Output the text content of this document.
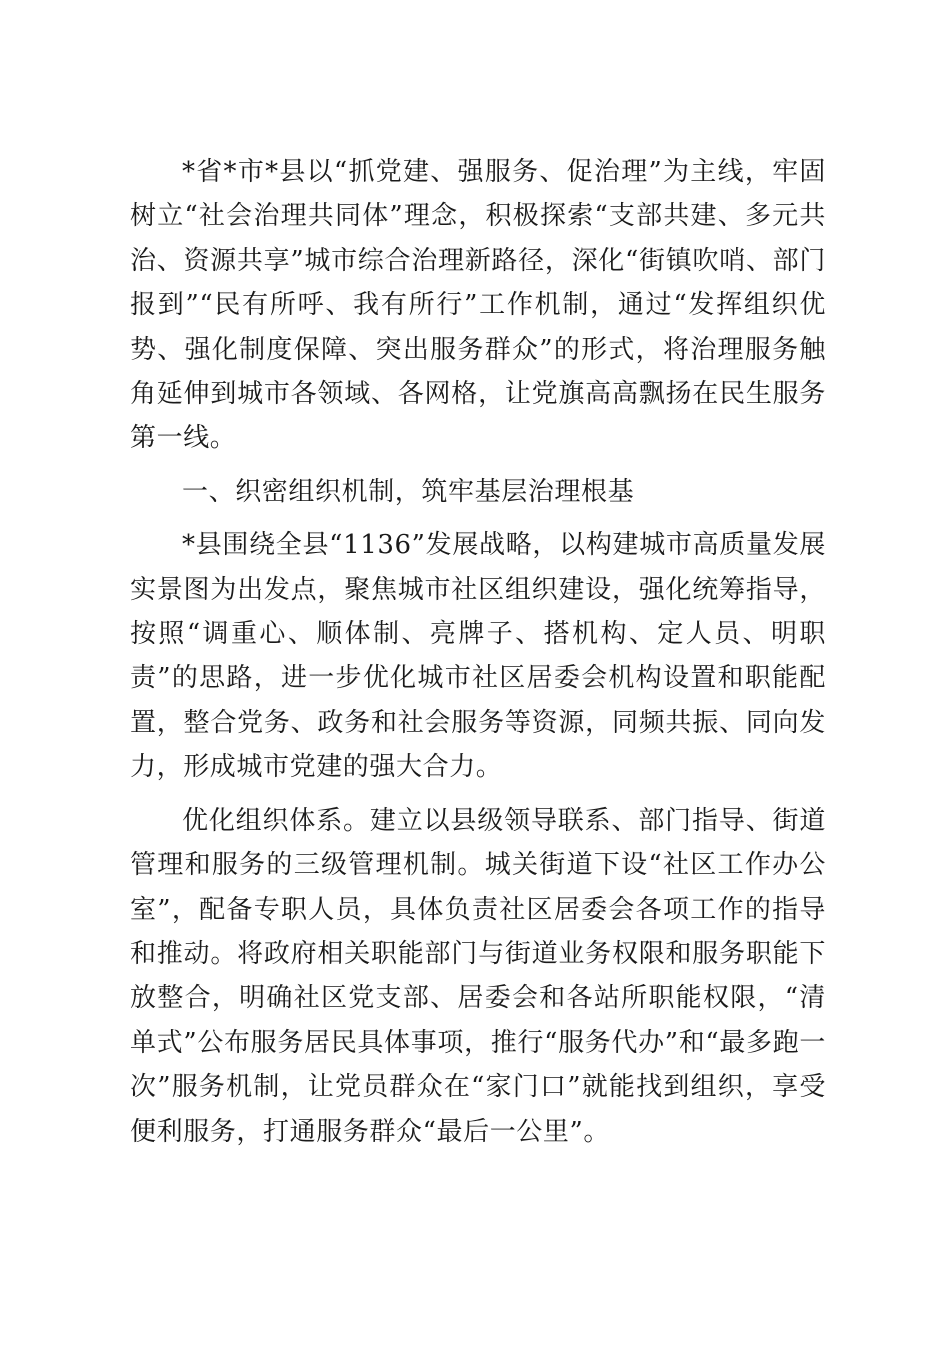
*省*市*县以“抓党建、强服务、促治理”为主线，牢固树立“社会治理共同体”理念，积极探索“支部共建、多元共治、资源共享”城市综合治理新路径，深化“街镇吹哨、部门报到”“民有所呼、我有所行”工作机制，通过“发挥组织优势、强化制度保障、突出服务群众”的形式，将治理服务触角延伸到城市各领域、各网格，让党旗高高飘扬在民生服务第一线。

一、织密组织机制，筑牢基层治理根基

*县围绕全县“1136”发展战略，以构建城市高质量发展实景图为出发点，聚焦城市社区组织建设，强化统筹指导，按照“调重心、顺体制、亮牌子、搭机构、定人员、明职责”的思路，进一步优化城市社区居委会机构设置和职能配置，整合党务、政务和社会服务等资源，同频共振、同向发力，形成城市党建的强大合力。

优化组织体系。建立以县级领导联系、部门指导、街道管理和服务的三级管理机制。城关街道下设“社区工作办公室”，配备专职人员，具体负责社区居委会各项工作的指导和推动。将政府相关职能部门与街道业务权限和服务职能下放整合，明确社区党支部、居委会和各站所职能权限，“清单式”公布服务居民具体事项，推行“服务代办”和“最多跑一次”服务机制，让党员群众在“家门口”就能找到组织，享受便利服务，打通服务群众“最后一公里”。
